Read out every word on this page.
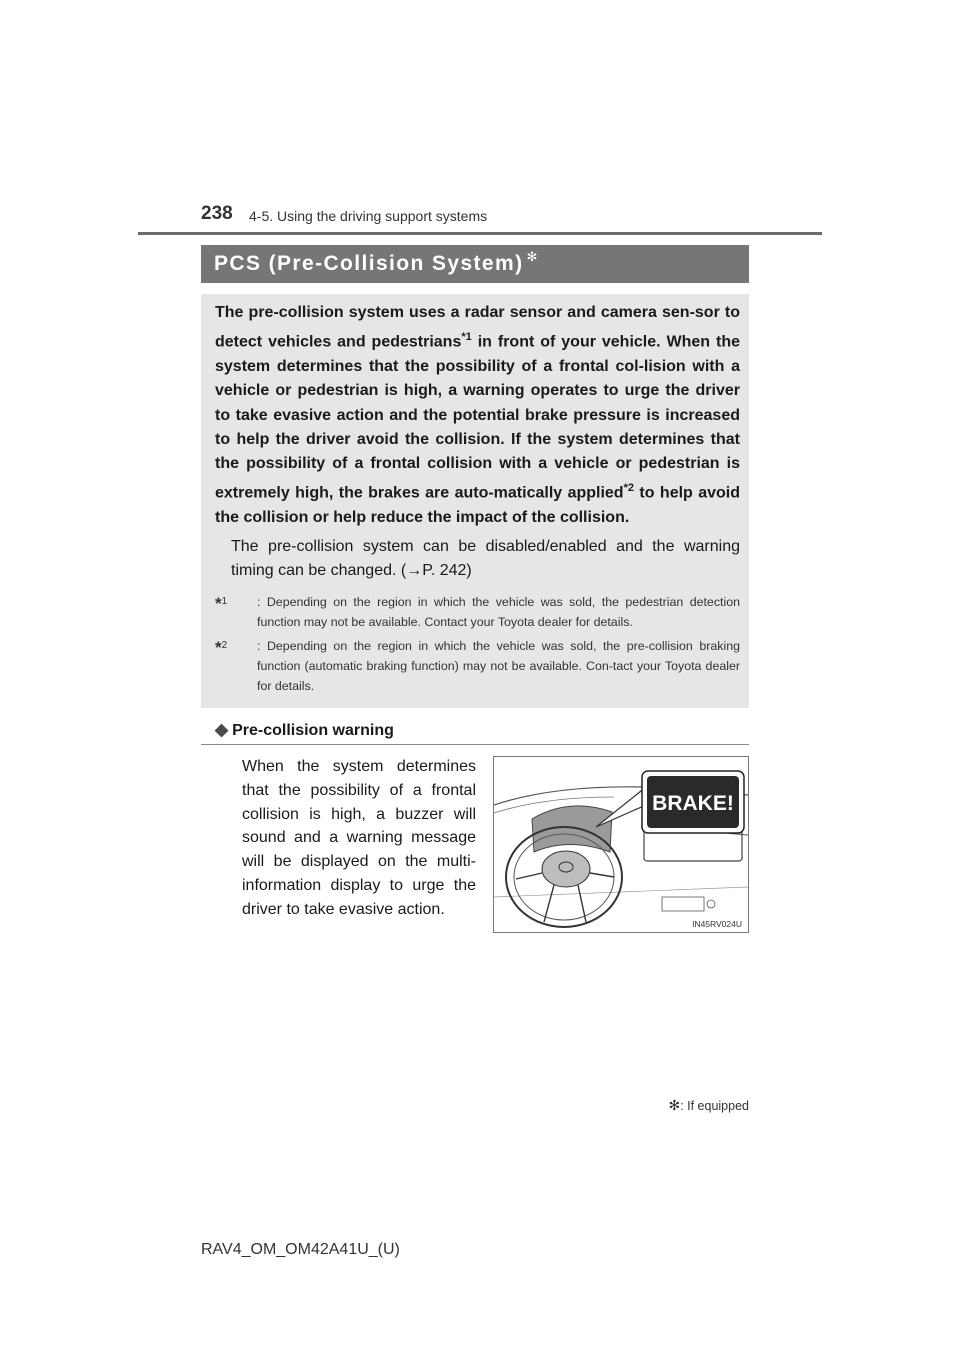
238 4-5. Using the driving support systems
PCS (Pre-Collision System) ✻

The pre-collision system uses a radar sensor and camera sen-sor to detect vehicles and pedestrians$^{*1}$ in front of your vehicle. When the system determines that the possibility of a frontal col-lision with a vehicle or pedestrian is high, a warning operates to urge the driver to take evasive action and the potential brake pressure is increased to help the driver avoid the collision. If the system determines that the possibility of a frontal collision with a vehicle or pedestrian is extremely high, the brakes are auto-matically applied$^{*2}$ to help avoid the collision or help reduce the impact of the collision.

The pre-collision system can be disabled/enabled and the warning timing can be changed. (→P. 242)

*$^1$ : Depending on the region in which the vehicle was sold, the pedestrian detection function may not be available. Contact your Toyota dealer for details.

*$^2$ : Depending on the region in which the vehicle was sold, the pre-collision braking function (automatic braking function) may not be available. Con-tact your Toyota dealer for details.

◆ Pre-collision warning

When the system determines that the possibility of a frontal collision is high, a buzzer will sound and a warning message will be displayed on the multi-information display to urge the driver to take evasive action.

BRAKE!
IN45RV024U
✻: If equipped
RAV4_OM_OM42A41U_(U)
